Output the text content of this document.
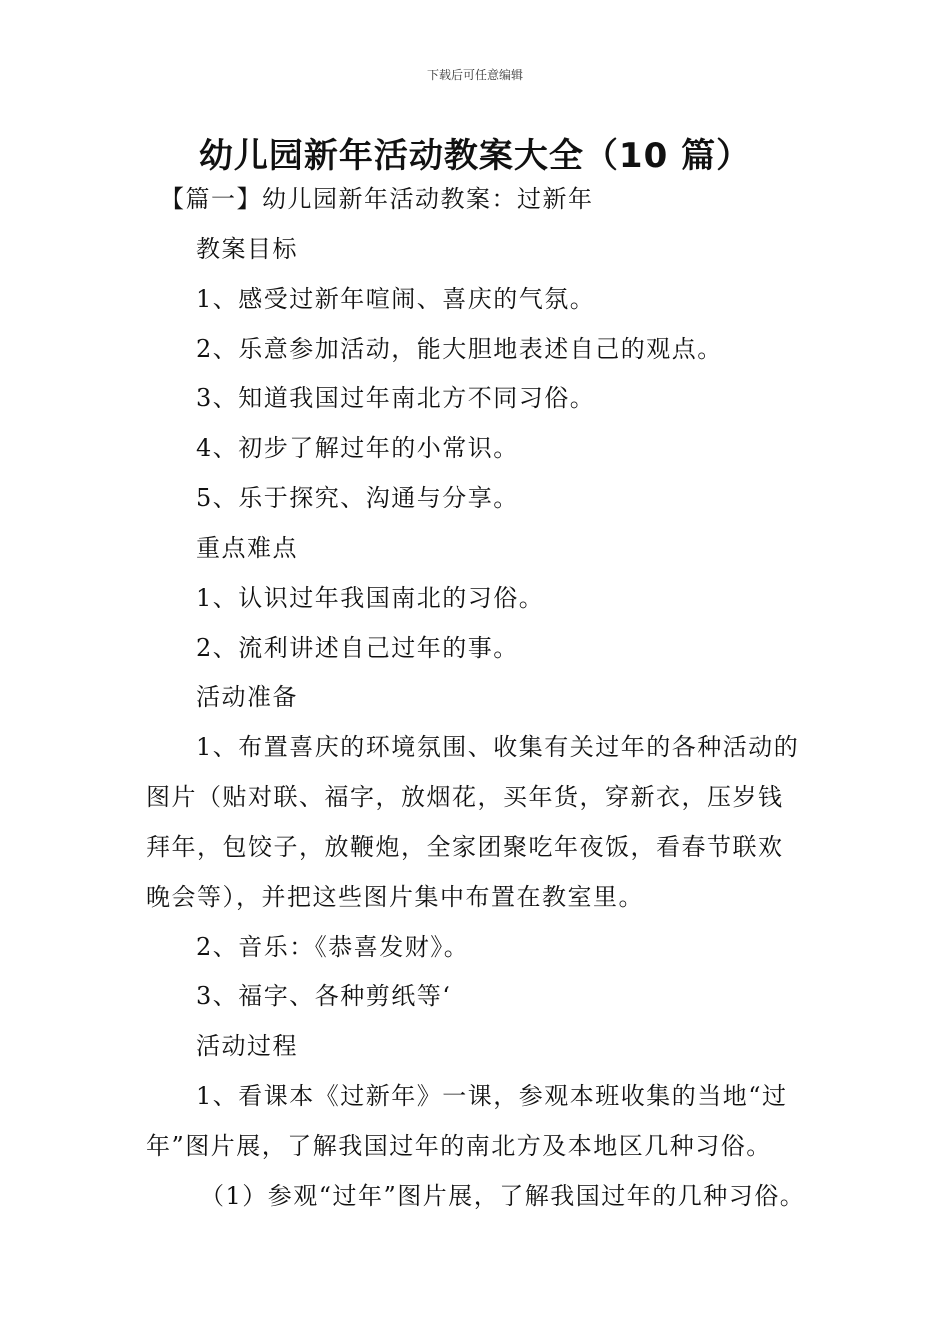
下载后可任意编辑
幼儿园新年活动教案大全（10 篇）
【篇一】幼儿园新年活动教案：过新年
教案目标
1、感受过新年喧闹、喜庆的气氛。
2、乐意参加活动，能大胆地表述自己的观点。
3、知道我国过年南北方不同习俗。
4、初步了解过年的小常识。
5、乐于探究、沟通与分享。
重点难点
1、认识过年我国南北的习俗。
2、流利讲述自己过年的事。
活动准备
1、布置喜庆的环境氛围、收集有关过年的各种活动的
图片（贴对联、福字，放烟花，买年货，穿新衣，压岁钱
拜年，包饺子，放鞭炮，全家团聚吃年夜饭，看春节联欢
晚会等），并把这些图片集中布置在教室里。
2、音乐：《恭喜发财》。
3、福字、各种剪纸等‘
活动过程
1、看课本《过新年》一课，参观本班收集的当地“过
年”图片展，了解我国过年的南北方及本地区几种习俗。
（1）参观“过年”图片展，了解我国过年的几种习俗。
